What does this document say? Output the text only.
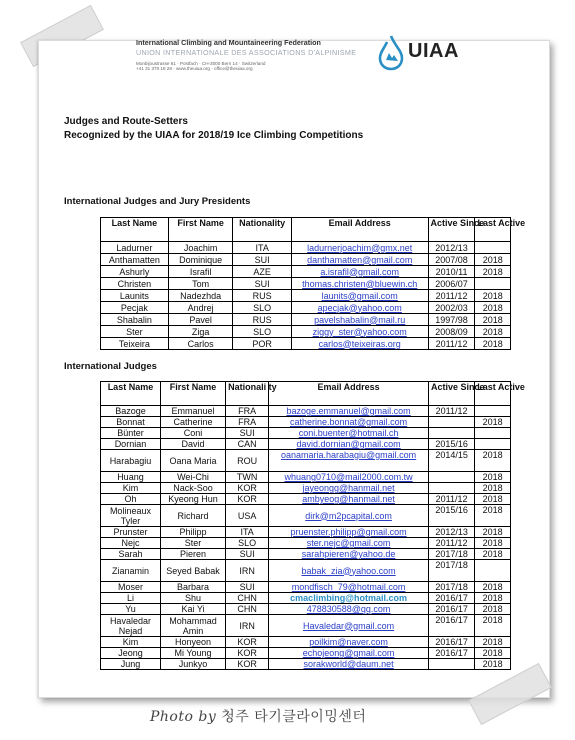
International Climbing and Mountaineering Federation
UNION INTERNATIONALE DES ASSOCIATIONS D'ALPINISME
Monbijoustrasse 61 · Postfach · CH-3000 Bern 14 · Switzerland
+41 31 370 18 28 · www.theuiaa.org · office@theuiaa.org
UIAA
Judges and Route-Setters
Recognized by the UIAA for 2018/19 Ice Climbing Competitions
International Judges and Jury Presidents
Last Name	First Name	Nationality	Email Address	Active Since	Last Active
Ladurner	Joachim	ITA	ladurnerjoachim@gmx.net	2012/13	
Anthamatten	Dominique	SUI	danthamatten@gmail.com	2007/08	2018
Ashurly	Israfil	AZE	a.israfil@gmail.com	2010/11	2018
Christen	Tom	SUI	thomas.christen@bluewin.ch	2006/07	
Launits	Nadezhda	RUS	launits@gmail.com	2011/12	2018
Pecjak	Andrej	SLO	apecjak@yahoo.com	2002/03	2018
Shabalin	Pavel	RUS	pavelshabalin@mail.ru	1997/98	2018
Ster	Ziga	SLO	ziggy_ster@yahoo.com	2008/09	2018
Teixeira	Carlos	POR	carlos@teixeiras.org	2011/12	2018
International Judges
Last Name	First Name	Nationali ty	Email Address	Active Since	Last Active
Bazoge	Emmanuel	FRA	bazoge.emmanuel@gmail.com	2011/12	
Bonnat	Catherine	FRA	catherine.bonnat@gmail.com		2018
Bünter	Coni	SUI	coni.buenter@hotmail.ch		
Dornian	David	CAN	david.dornian@gmail.com	2015/16	
Harabagiu	Oana Maria	ROU	oanamaria.harabagiu@gmail.com	2014/15	2018
Huang	Wei-Chi	TWN	whuang0710@mail2000.com.tw		2018
Kim	Nack-Soo	KOR	jayeongg@hanmail.net		2018
Oh	Kyeong Hun	KOR	ambyeog@hanmail.net	2011/12	2018
Molineaux Tyler	Richard	USA	dirk@m2pcapital.com	2015/16	2018
Prunster	Philipp	ITA	pruenster.philipp@gmail.com	2012/13	2018
Nejc	Ster	SLO	ster.nejc@gmail.com	2011/12	2018
Sarah	Pieren	SUI	sarahpieren@yahoo.de	2017/18	2018
Zianamin	Seyed Babak	IRN	babak_zia@yahoo.com	2017/18	
Moser	Barbara	SUI	mondfisch_79@hotmail.com	2017/18	2018
Li	Shu	CHN	cmaclimbing@hotmail.com	2016/17	2018
Yu	Kai Yi	CHN	478830588@qq.com	2016/17	2018
Havaledar Nejad	Mohammad Amin	IRN	Havaledar@gmail.com	2016/17	2018
Kim	Honyeon	KOR	poilkim@naver.com	2016/17	2018
Jeong	Mi Young	KOR	echojeong@gmail.com	2016/17	2018
Jung	Junkyo	KOR	sorakworld@daum.net		2018
Photo by 청주 타기클라이밍센터
